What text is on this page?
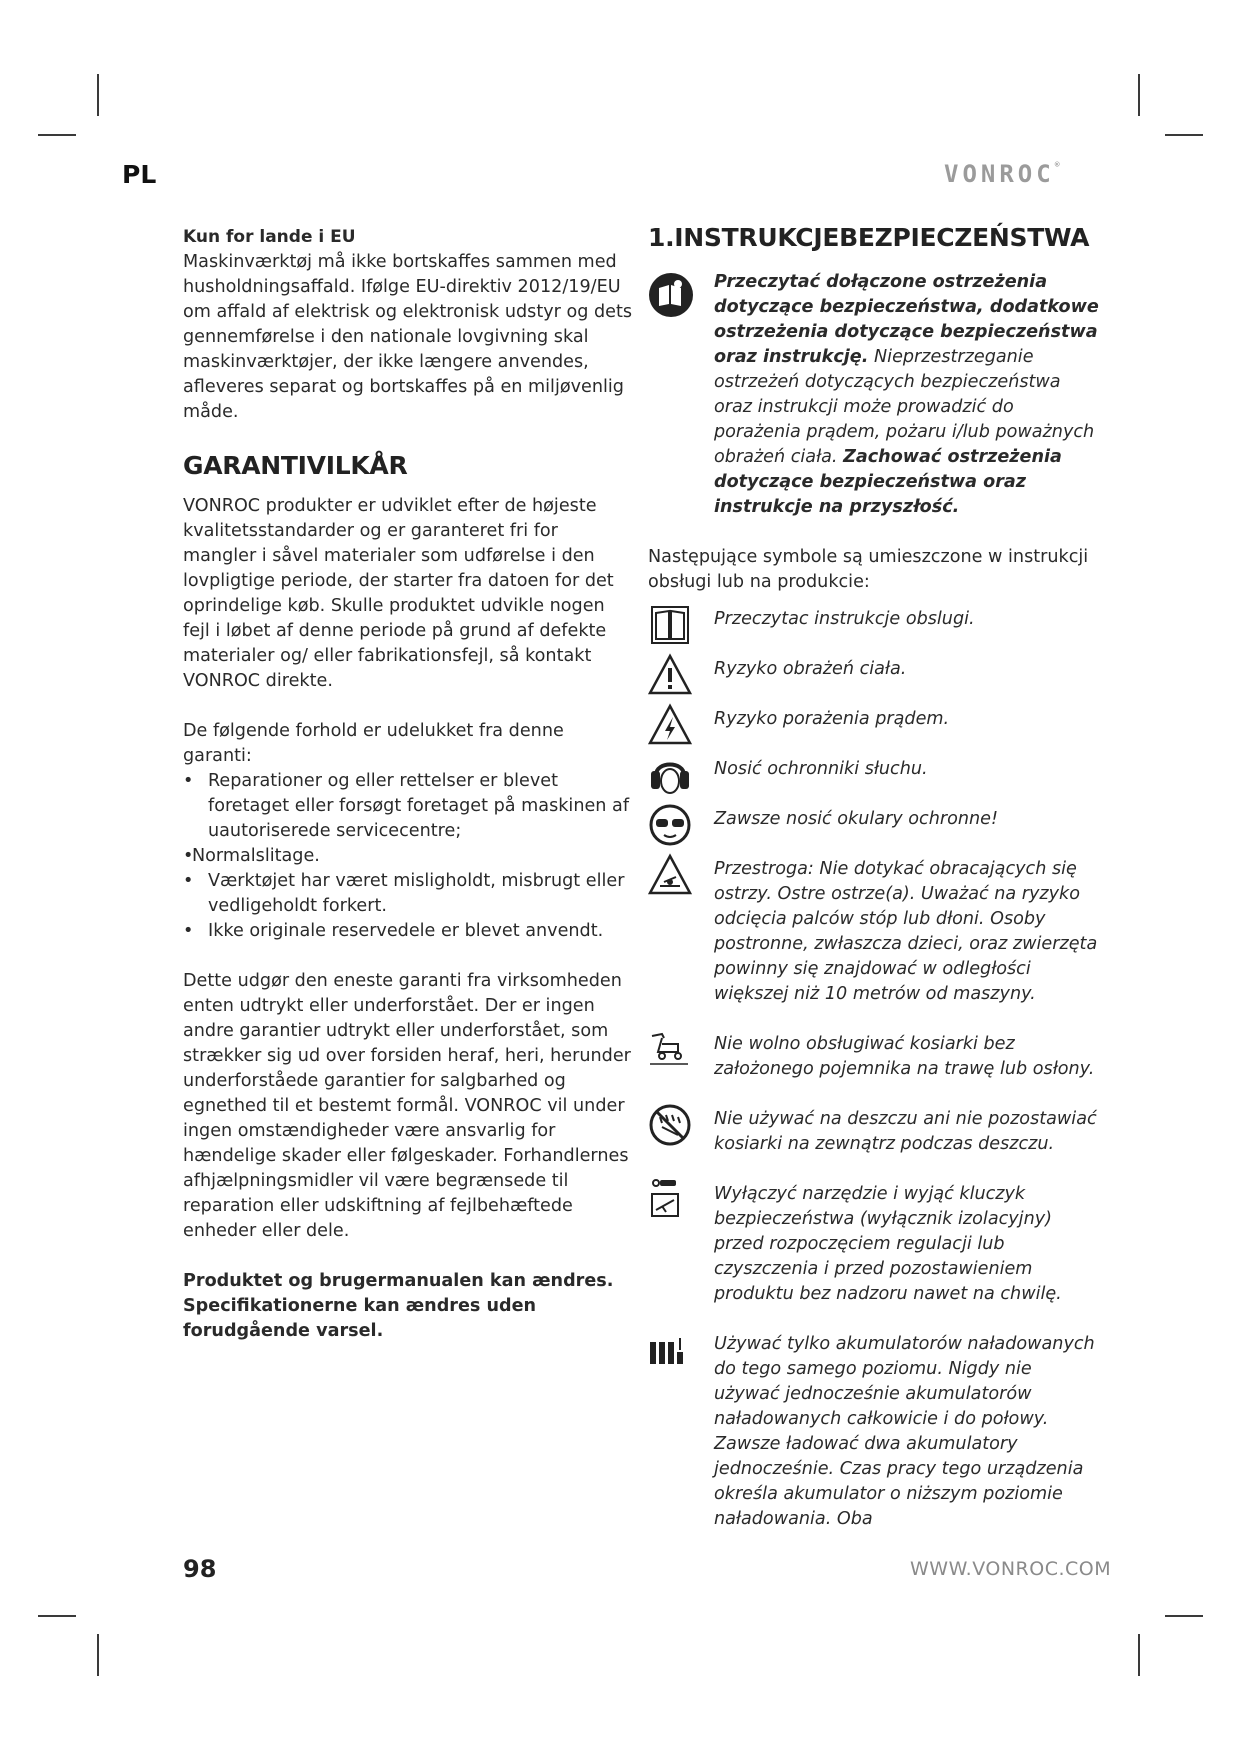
PL	VONROC®
Kun for lande i EU

Maskinværktøj må ikke bortskaffes sammen med husholdningsaffald. Ifølge EU-direktiv 2012/19/EU om affald af elektrisk og elektronisk udstyr og dets gennemførelse i den nationale lovgivning skal maskinværktøjer, der ikke længere anvendes, afleveres separat og bortskaffes på en miljøvenlig måde.

GARANTIVILKÅR

VONROC produkter er udviklet efter de højeste kvalitetsstandarder og er garanteret fri for mangler i såvel materialer som udførelse i den lovpligtige periode, der starter fra datoen for det oprindelige køb. Skulle produktet udvikle nogen fejl i løbet af denne periode på grund af defekte materialer og/ eller fabrikationsfejl, så kontakt VONROC direkte.

De følgende forhold er udelukket fra denne garanti:

• Reparationer og eller rettelser er blevet foretaget eller forsøgt foretaget på maskinen af uautoriserede servicecentre;
• Normalslitage.
• Værktøjet har været misligholdt, misbrugt eller vedligeholdt forkert.
• Ikke originale reservedele er blevet anvendt.

Dette udgør den eneste garanti fra virksomheden enten udtrykt eller underforstået. Der er ingen andre garantier udtrykt eller underforstået, som strækker sig ud over forsiden heraf, heri, herunder underforståede garantier for salgbarhed og egnethed til et bestemt formål. VONROC vil under ingen omstændigheder være ansvarlig for hændelige skader eller følgeskader. Forhandlernes afhjælpningsmidler vil være begrænsede til reparation eller udskiftning af fejlbehæftede enheder eller dele.

Produktet og brugermanualen kan ændres. Specifikationerne kan ændres uden forudgående varsel.

1.INSTRUKCJEBEZPIECZEŃSTWA
Przeczytać dołączone ostrzeżenia dotyczące bezpieczeństwa, dodatkowe ostrzeżenia dotyczące bezpieczeństwa oraz instrukcję. Nieprzestrzeganie ostrzeżeń dotyczących bezpieczeństwa oraz instrukcji może prowadzić do porażenia prądem, pożaru i/lub poważnych obrażeń ciała. Zachować ostrzeżenia dotyczące bezpieczeństwa oraz instrukcje na przyszłość.

Następujące symbole są umieszczone w instrukcji obsługi lub na produkcie:

Przeczytac instrukcje obslugi.
Ryzyko obrażeń ciała.
Ryzyko porażenia prądem.
Nosić ochronniki słuchu.
Zawsze nosić okulary ochronne!
Przestroga: Nie dotykać obracających się ostrzy. Ostre ostrze(a). Uważać na ryzyko odcięcia palców stóp lub dłoni. Osoby postronne, zwłaszcza dzieci, oraz zwierzęta powinny się znajdować w odległości większej niż 10 metrów od maszyny.
Nie wolno obsługiwać kosiarki bez założonego pojemnika na trawę lub osłony.
Nie używać na deszczu ani nie pozostawiać kosiarki na zewnątrz podczas deszczu.
Wyłączyć narzędzie i wyjąć kluczyk bezpieczeństwa (wyłącznik izolacyjny) przed rozpoczęciem regulacji lub czyszczenia i przed pozostawieniem produktu bez nadzoru nawet na chwilę.
Używać tylko akumulatorów naładowanych do tego samego poziomu. Nigdy nie używać jednocześnie akumulatorów naładowanych całkowicie i do połowy. Zawsze ładować dwa akumulatory jednocześnie. Czas pracy tego urządzenia określa akumulator o niższym poziomie naładowania. Oba
98	WWW.VONROC.COM
